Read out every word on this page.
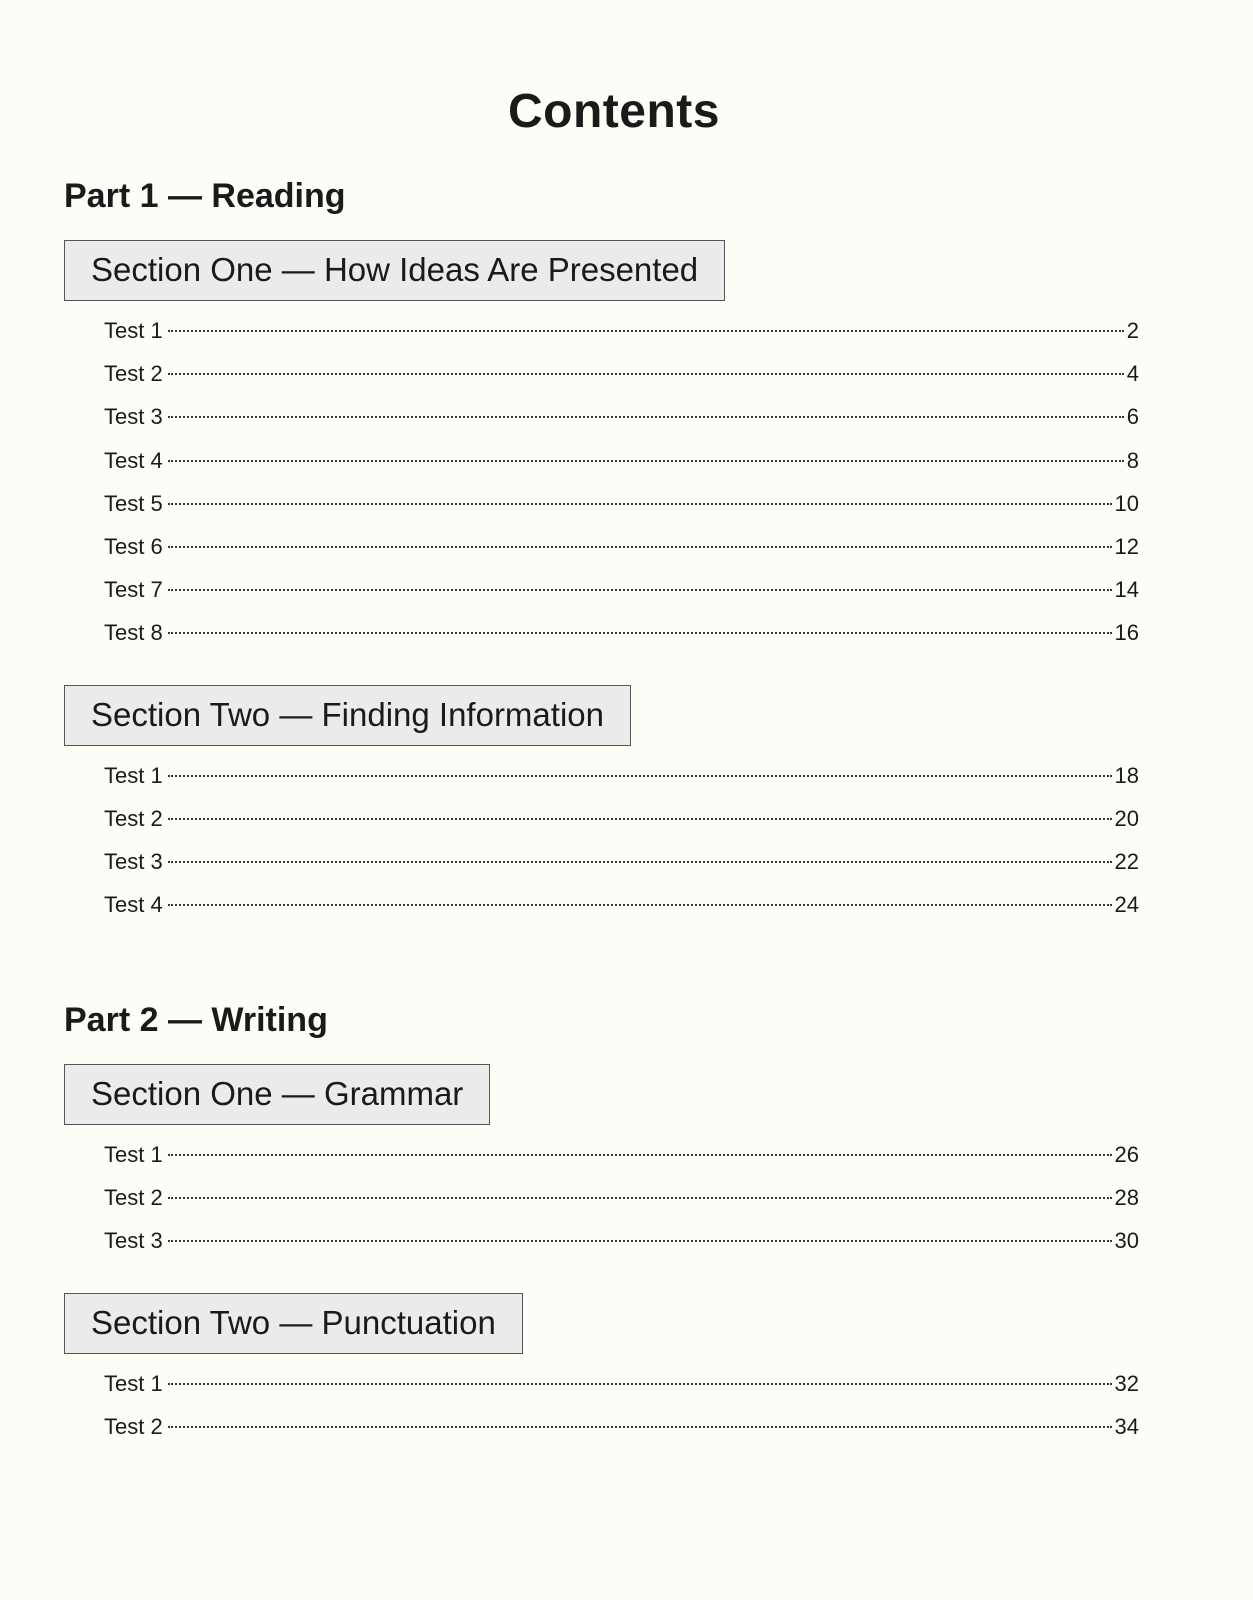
Contents
Part 1 — Reading
Section One — How Ideas Are Presented
Test 1	2
Test 2	4
Test 3	6
Test 4	8
Test 5	10
Test 6	12
Test 7	14
Test 8	16
Section Two — Finding Information
Test 1	18
Test 2	20
Test 3	22
Test 4	24
Part 2 — Writing
Section One — Grammar
Test 1	26
Test 2	28
Test 3	30
Section Two — Punctuation
Test 1	32
Test 2	34
